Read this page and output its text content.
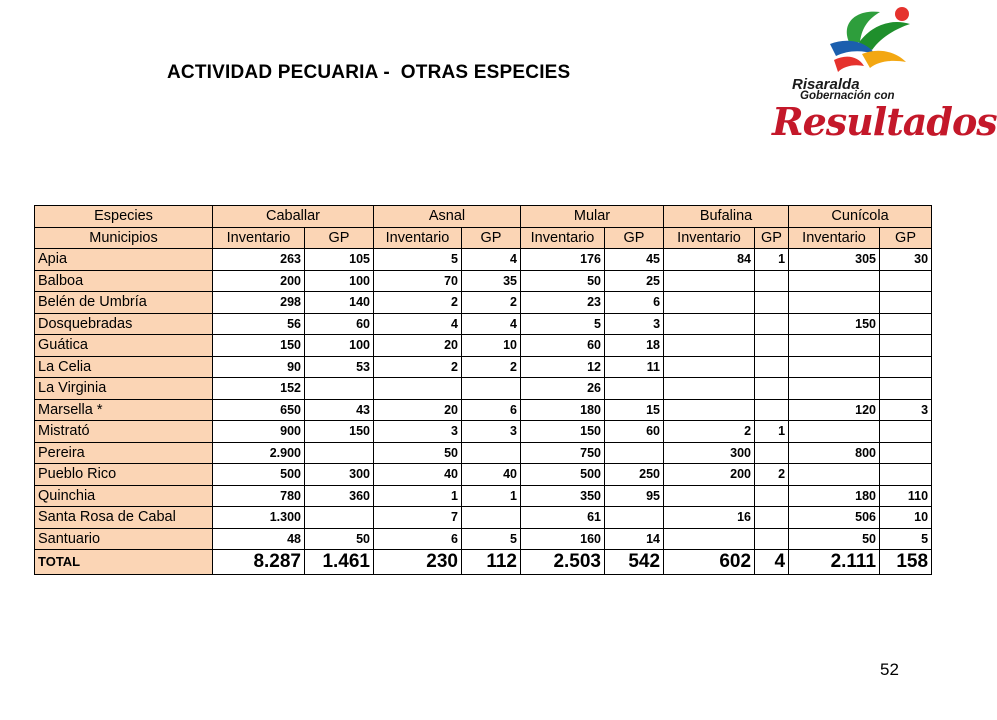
ACTIVIDAD PECUARIA -  OTRAS ESPECIES
Risaralda
Gobernación con
Resultados
Especies	Caballar		Asnal		Mular		Bufalina		Cunícola	
Municipios	Inventario	GP	Inventario	GP	Inventario	GP	Inventario	GP	Inventario	GP
Apia	263	105	5	4	176	45	84	1	305	30
Balboa	200	100	70	35	50	25				
Belén de Umbría	298	140	2	2	23	6				
Dosquebradas	56	60	4	4	5	3			150	
Guática	150	100	20	10	60	18				
La Celia	90	53	2	2	12	11				
La Virginia	152				26					
Marsella *	650	43	20	6	180	15			120	3
Mistrató	900	150	3	3	150	60	2	1		
Pereira	2.900		50		750		300		800	
Pueblo Rico	500	300	40	40	500	250	200	2		
Quinchia	780	360	1	1	350	95			180	110
Santa Rosa de Cabal	1.300		7		61		16		506	10
Santuario	48	50	6	5	160	14			50	5
TOTAL	8.287	1.461	230	112	2.503	542	602	4	2.111	158
52
